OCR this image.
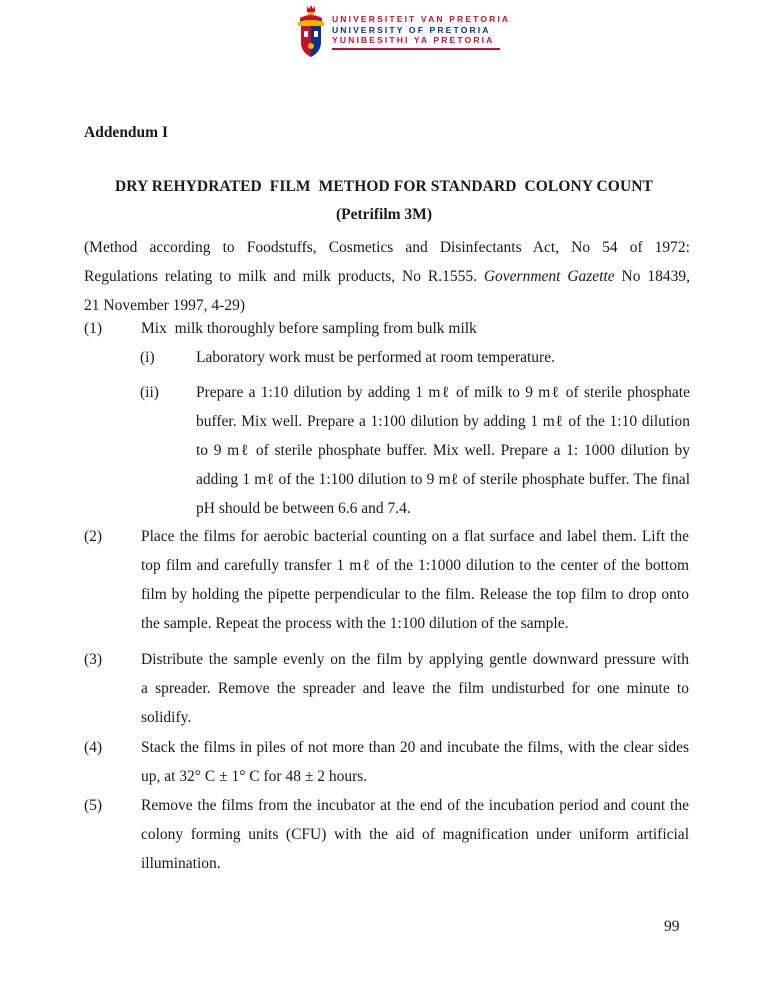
UNIVERSITEIT VAN PRETORIA
UNIVERSITY OF PRETORIA
YUNIBESITHI YA PRETORIA
Addendum I
DRY REHYDRATED  FILM  METHOD FOR STANDARD  COLONY COUNT
(Petrifilm 3M)
(Method according to Foodstuffs, Cosmetics and Disinfectants Act, No 54 of 1972:
Regulations relating to milk and milk products, No R.1555. Government Gazette No 18439,
21 November 1997, 4-29)
(1)	Mix  milk thoroughly before sampling from bulk milk
(i)	Laboratory work must be performed at room temperature.
(ii) Prepare a 1:10 dilution by adding 1 mℓ of milk to 9 mℓ of sterile phosphate
buffer. Mix well. Prepare a 1:100 dilution by adding 1 mℓ of the 1:10 dilution
to 9 mℓ of sterile phosphate buffer. Mix well. Prepare a 1: 1000 dilution by
adding 1 mℓ of the 1:100 dilution to 9 mℓ of sterile phosphate buffer. The final
pH should be between 6.6 and 7.4.
(2)	Place the films for aerobic bacterial counting on a flat surface and label them. Lift the
top film and carefully transfer 1 mℓ of the 1:1000 dilution to the center of the bottom
film by holding the pipette perpendicular to the film. Release the top film to drop onto
the sample. Repeat the process with the 1:100 dilution of the sample.
(3)	Distribute the sample evenly on the film by applying gentle downward pressure with
a spreader. Remove the spreader and leave the film undisturbed for one minute to
solidify.
(4)	Stack the films in piles of not more than 20 and incubate the films, with the clear sides
up, at 32° C ± 1° C for 48 ± 2 hours.
(5)	Remove the films from the incubator at the end of the incubation period and count the
colony forming units (CFU) with the aid of magnification under uniform artificial
illumination.
99
